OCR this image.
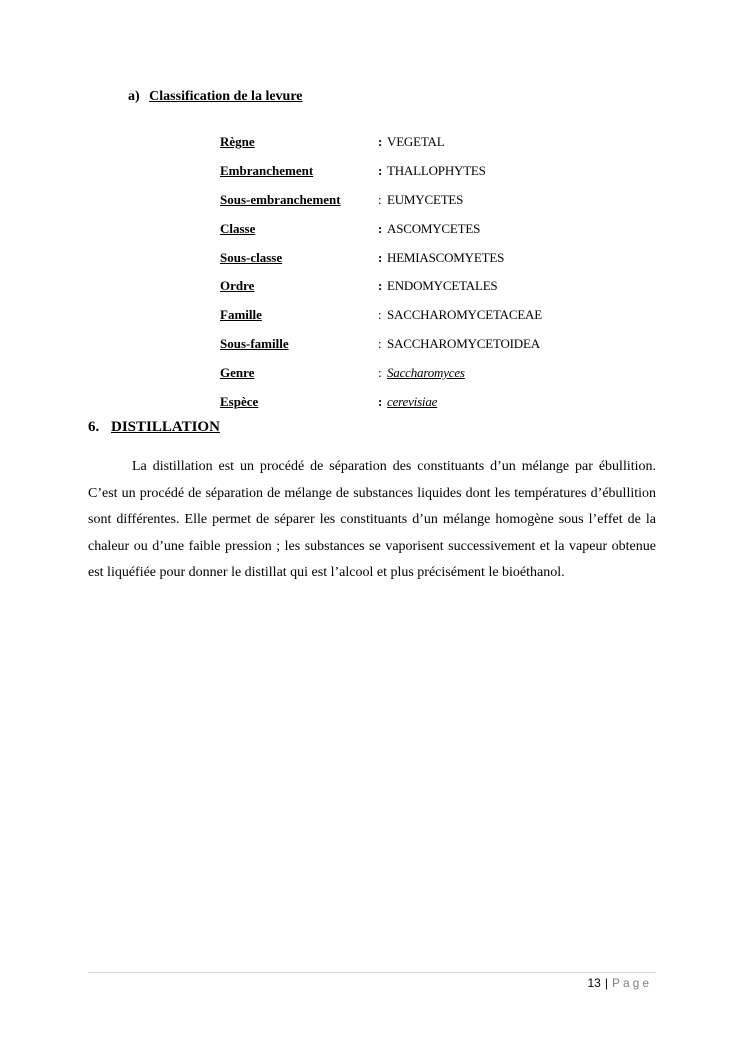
a) Classification de la levure
Règne	: VEGETAL
Embranchement	: THALLOPHYTES
Sous-embranchement	: EUMYCETES
Classe	: ASCOMYCETES
Sous-classe	: HEMIASCOMYETES
Ordre	: ENDOMYCETALES
Famille	: SACCHAROMYCETACEAE
Sous-famille	: SACCHAROMYCETOIDEA
Genre	: Saccharomyces
Espèce	: cerevisiae
6. DISTILLATION

La distillation est un procédé de séparation des constituants d’un mélange par ébullition. C’est un procédé de séparation de mélange de substances liquides dont les températures d’ébullition sont différentes. Elle permet de séparer les constituants d’un mélange homogène sous l’effet de la chaleur ou d’une faible pression ; les substances se vaporisent successivement et la vapeur obtenue est liquéfiée pour donner le distillat qui est l’alcool et plus précisément le bioéthanol.

13 | Page
